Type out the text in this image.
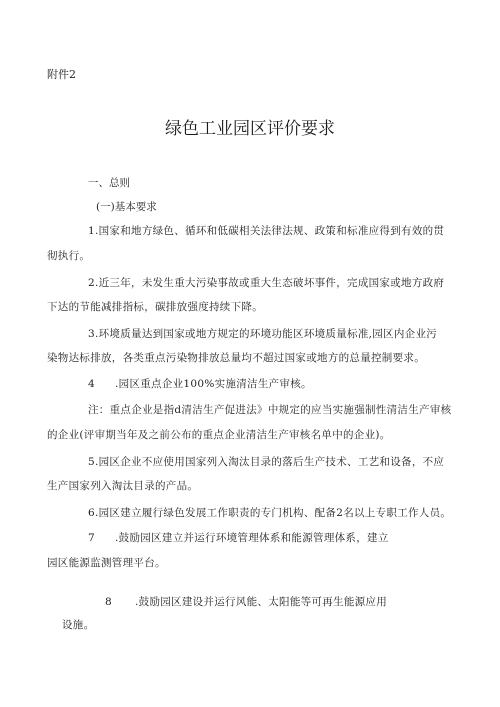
附件2
绿色工业园区评价要求
一、总则
(一)基本要求
1.国家和地方绿色、循环和低碳相关法律法规、政策和标准应得到有效的贯
彻执行。
2.近三年，未发生重大污染事故或重大生态破坏事件，完成国家或地方政府
下达的节能减排指标，碳排放强度持续下降。
3.环境质量达到国家或地方规定的环境功能区环境质量标准,园区内企业污
染物达标排放，各类重点污染物排放总量均不超过国家或地方的总量控制要求。
4 .园区重点企业100%实施清洁生产审核。
注：重点企业是指d清洁生产促进法》中规定的应当实施强制性清洁生产审核
的企业(评审期当年及之前公布的重点企业清洁生产审核名单中的企业)。
5.园区企业不应使用国家列入淘汰目录的落后生产技术、工艺和设备，不应
生产国家列入淘汰目录的产品。
6.园区建立履行绿色发展工作职责的专门机构、配备2名以上专职工作人员。
7 .鼓励园区建立并运行环境管理体系和能源管理体系，建立
园区能源监测管理平台。
8 .鼓励园区建设并运行风能、太阳能等可再生能源应用
设施。
